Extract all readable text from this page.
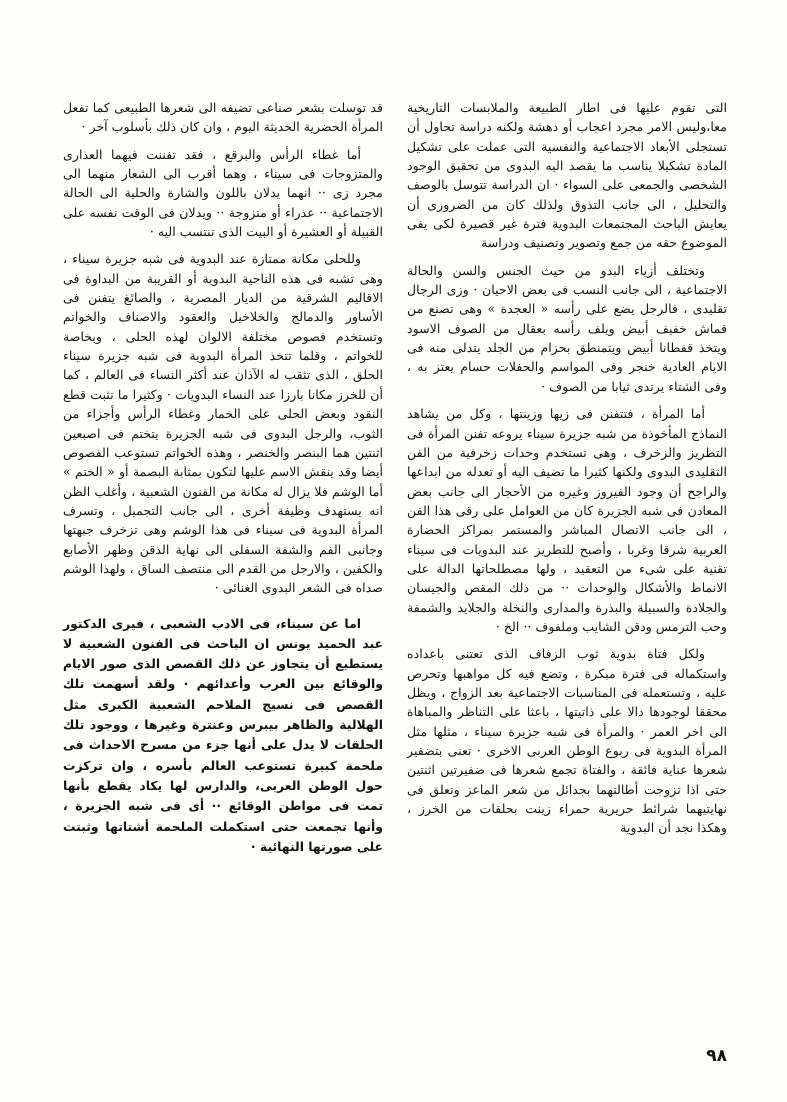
التى تقوم عليها فى اطار الطبيعة والملابسات التاريخية معا،وليس الامر مجرد اعجاب أو دهشة ولكنه دراسة تحاول أن تستجلى الأبعاد الاجتماعية والنفسية التى عملت على تشكيل المادة تشكيلا يناسب ما يقصد اليه البدوى من تحقيق الوجود الشخصى والجمعى على السواء · ان الدراسة تتوسل بالوصف والتحليل ، الى جانب التذوق ولذلك كان من الضرورى أن يعايش الباحث المجتمعات البدوية فترة غير قصيرة لكى يفى الموضوع حقه من جمع وتصوير وتصنيف ودراسة

وتختلف أزياء البدو من حيث الجنس والسن والحالة الاجتماعية ، الى جانب النسب فى بعض الاحيان · وزى الرجال تقليدى ، فالرجل يضع على رأسه « العجدة » وهى تصنع من قماش خفيف أبيض ويلف رأسه بعقال من الصوف الاسود ويتخذ قفطانا أبيض ويتمنطق بحزام من الجلد يتدلى منه فى الايام العادية خنجر وفى المواسم والحفلات حسام يعتز به ، وفى الشتاء يرتدى ثيابا من الصوف ·

أما المرأة ، فتتفنن فى زيها وزينتها ، وكل من يشاهد النماذج المأخوذة من شبه جزيرة سيناء يروعه تفنن المرأة فى التطريز والزخرف ، وهى تستخدم وحدات زخرفية من الفن التقليدى البدوى ولكنها كثيرا ما تضيف اليه أو تعدله من ابداعها والراجح أن وجود الفيروز وغيره من الأحجار الى جانب بعض المعادن فى شبه الجزيرة كان من العوامل على رقى هذا الفن ، الى جانب الاتصال المباشر والمستمر بمراكز الحضارة العربية شرقا وغربا ، وأصبح للتطريز عند البدويات فى سيناء تقنية على شىء من التعقيد ، ولها مصطلحاتها الدالة على الانماط والأشكال والوحدات ·· من ذلك المقص والجيسان والجلادة والسبيلة والبذرة والمدارى والنخلة والجلايد والشمفة وحب الترمس ودقن الشايب وملفوف ·· الخ ·

ولكل فتاة بدوية ثوب الزفاف الذى تعتنى باعداده واستكماله فى فترة مبكرة ، وتضع فيه كل مواهبها وتحرص عليه ، وتستعمله فى المناسبات الاجتماعية بعد الزواج ، ويظل محققا لوجودها دالا على ذاتيتها ، باعثا على التناظر والمباهاة الى اخر العمر · والمرأة فى شبه جزيرة سيناء ، مثلها مثل المرأة البدوية فى ربوع الوطن العربى الاخرى · تعنى بتضفير شعرها عناية فائقة ، والفتاة تجمع شعرها فى ضفيرتين اثنتين حتى اذا تزوجت أطالتهما بجدائل من شعر الماعز وتعلق فى نهايتيهما شرائط حريرية حمراء زينت بحلقات من الخرز ، وهكذا نجد أن البدوية

قد توسلت بشعر صناعى تضيفه الى شعرها الطبيعى كما تفعل المرأة الحضرية الحديثة اليوم ، وان كان ذلك بأسلوب آخر ·

أما غطاء الرأس والبرقع ، فقد تفننت فيهما العذارى والمتزوجات فى سيناء ، وهما أقرب الى الشعار منهما الى مجرد زى ·· انهما يدلان باللون والشارة والحلية الى الحالة الاجتماعية ·· عذراء أو متزوجة ·· ويدلان فى الوقت نفسه على القبيلة أو العشيرة أو البيت الذى تنتسب اليه ·

وللحلى مكانة ممتازة عند البدوية فى شبه جزيرة سيناء ، وهى تشبه فى هذه الناحية البدوية أو القريبة من البداوة فى الاقاليم الشرقية من الديار المصرية ، والصائغ يتفنن فى الأساور والدمالج والخلاخيل والعقود والاصناف والخواتم وتستخدم فصوص مختلفة الالوان لهذه الحلى ، وبخاصة للخواتم ، وقلما تتخذ المرأة البدوية فى شبه جزيرة سيناء الحلق ، الذى تثقب له الآذان عند أكثر النساء فى العالم ، كما أن للخرز مكانا بارزا عند النساء البدويات · وكثيرا ما تثبت قطع النقود وبعض الحلى على الخمار وغطاء الرأس وأجزاء من الثوب، والرجل البدوى فى شبه الجزيرة يتختم فى اصبعين اثنتين هما البنصر والخنصر ، وهذه الخواتم تستوعب الفصوص أيضا وقد ينقش الاسم عليها لتكون بمثابة البصمة أو « الختم » أما الوشم فلا يزال له مكانة من الفنون الشعبية ، وأغلب الظن انه يستهدف وظيفة أخرى ، الى جانب التجميل ، وتسرف المرأة البدوية فى سيناء فى هذا الوشم وهى تزخرف جبهتها وجانبى الفم والشفة السفلى الى نهاية الذقن وظهر الأصابع والكفين ، والارجل من القدم الى منتصف الساق ، ولهذا الوشم صداه فى الشعر البدوى الغنائى ·

اما عن سيناء، فى الادب الشعبى ، فيرى الدكتور عبد الحميد يونس ان الباحث فى الفنون الشعبية لا يستطيع أن يتجاوز عن ذلك القصص الذى صور الايام والوقائع بين العرب وأعدائهم · ولقد أسهمت تلك القصص فى نسيج الملاحم الشعبية الكبرى مثل الهلالية والظاهر بيبرس وعنترة وغيرها ، ووجود تلك الحلقات لا يدل على أنها جزء من مسرح الاحداث فى ملحمة كبيرة تستوعب العالم بأسره ، وان تركزت حول الوطن العربى، والدارس لها يكاد يقطع بأنها تمت فى مواطن الوقائع ·· أى فى شبه الجزيرة ، وأنها تجمعت حتى استكملت الملحمة أشتاتها وثبتت على صورتها النهائية ·

٩٨
